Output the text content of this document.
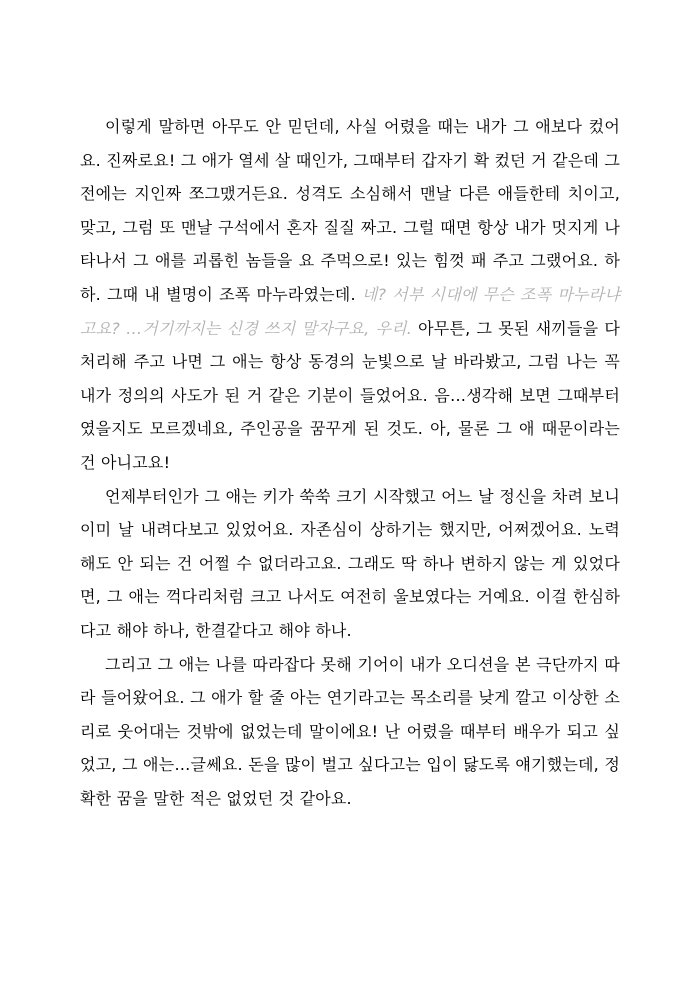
이렇게 말하면 아무도 안 믿던데, 사실 어렸을 때는 내가 그 애보다 컸어요. 진짜로요! 그 애가 열세 살 때인가, 그때부터 갑자기 확 컸던 거 같은데 그 전에는 지인짜 쪼그맸거든요. 성격도 소심해서 맨날 다른 애들한테 치이고, 맞고, 그럼 또 맨날 구석에서 혼자 질질 짜고. 그럴 때면 항상 내가 멋지게 나타나서 그 애를 괴롭힌 놈들을 요 주먹으로! 있는 힘껏 패 주고 그랬어요. 하하. 그때 내 별명이 조폭 마누라였는데. 네? 서부 시대에 무슨 조폭 마누라냐고요? …거기까지는 신경 쓰지 말자구요, 우리. 아무튼, 그 못된 새끼들을 다 처리해 주고 나면 그 애는 항상 동경의 눈빛으로 날 바라봤고, 그럼 나는 꼭 내가 정의의 사도가 된 거 같은 기분이 들었어요. 음…생각해 보면 그때부터였을지도 모르겠네요, 주인공을 꿈꾸게 된 것도. 아, 물론 그 애 때문이라는 건 아니고요!

언제부터인가 그 애는 키가 쑥쑥 크기 시작했고 어느 날 정신을 차려 보니 이미 날 내려다보고 있었어요. 자존심이 상하기는 했지만, 어쩌겠어요. 노력해도 안 되는 건 어쩔 수 없더라고요. 그래도 딱 하나 변하지 않는 게 있었다면, 그 애는 꺽다리처럼 크고 나서도 여전히 울보였다는 거예요. 이걸 한심하다고 해야 하나, 한결같다고 해야 하나.

그리고 그 애는 나를 따라잡다 못해 기어이 내가 오디션을 본 극단까지 따라 들어왔어요. 그 애가 할 줄 아는 연기라고는 목소리를 낮게 깔고 이상한 소리로 웃어대는 것밖에 없었는데 말이에요! 난 어렸을 때부터 배우가 되고 싶었고, 그 애는…글쎄요. 돈을 많이 벌고 싶다고는 입이 닳도록 얘기했는데, 정확한 꿈을 말한 적은 없었던 것 같아요.
